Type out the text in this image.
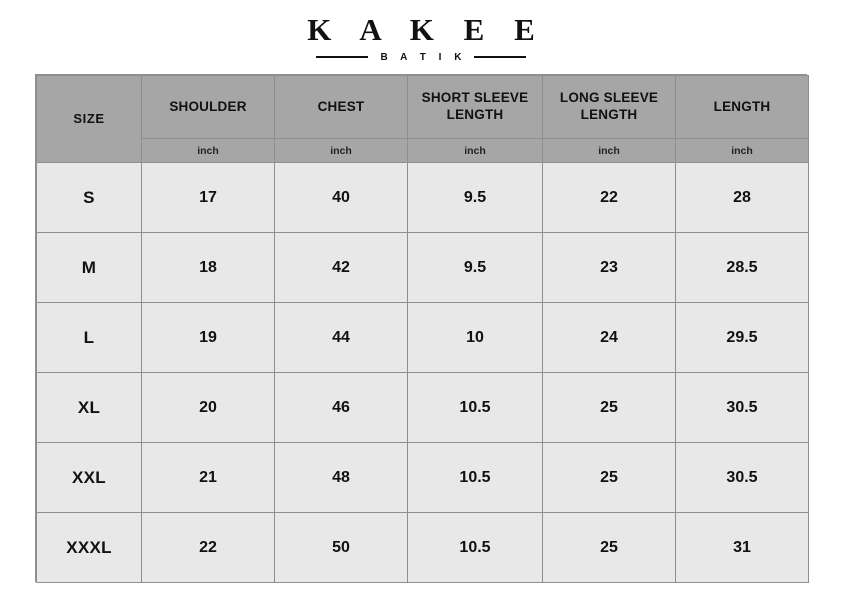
K A K E E
B A T I K
SIZE	SHOULDER	CHEST	SHORT SLEEVE LENGTH	LONG SLEEVE LENGTH	LENGTH
	inch	inch	inch	inch	inch
S	17	40	9.5	22	28
M	18	42	9.5	23	28.5
L	19	44	10	24	29.5
XL	20	46	10.5	25	30.5
XXL	21	48	10.5	25	30.5
XXXL	22	50	10.5	25	31
